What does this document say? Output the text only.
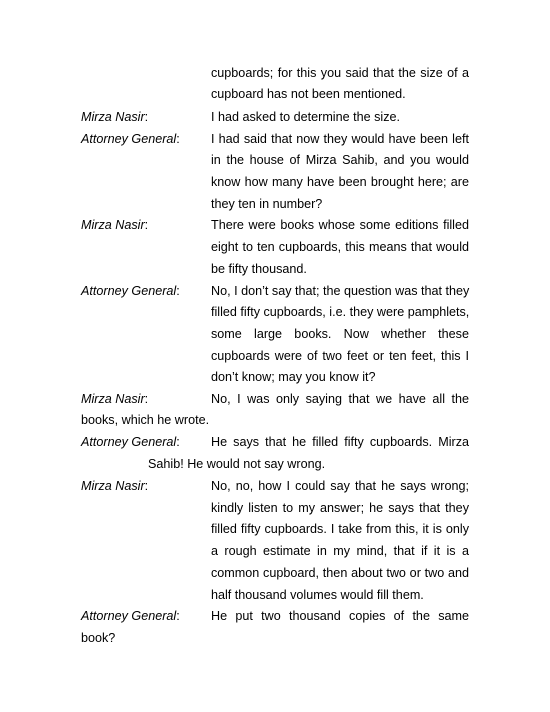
cupboards; for this you said that the size of a
cupboard has not been mentioned.
Mirza Nasir:	I had asked to determine the size.
Attorney General: I had said that now they would have been left
in the house of Mirza Sahib, and you would
know how many have been brought here; are
they ten in number?
Mirza Nasir:	There were books whose some editions filled
eight to ten cupboards, this means that would
be fifty thousand.
Attorney General: No, I don’t say that; the question was that they
filled fifty cupboards, i.e. they were pamphlets,
some large books. Now whether these
cupboards were of two feet or ten feet, this I
don’t know; may you know it?
Mirza Nasir:	No, I was only saying that we have all the
books, which he wrote.
Attorney General: He says that he filled fifty cupboards. Mirza
Sahib! He would not say wrong.
Mirza Nasir:	No, no, how I could say that he says wrong;
kindly listen to my answer; he says that they
filled fifty cupboards. I take from this, it is only
a rough estimate in my mind, that if it is a
common cupboard, then about two or two and
half thousand volumes would fill them.
Attorney General: He put two thousand copies of the same
book?
